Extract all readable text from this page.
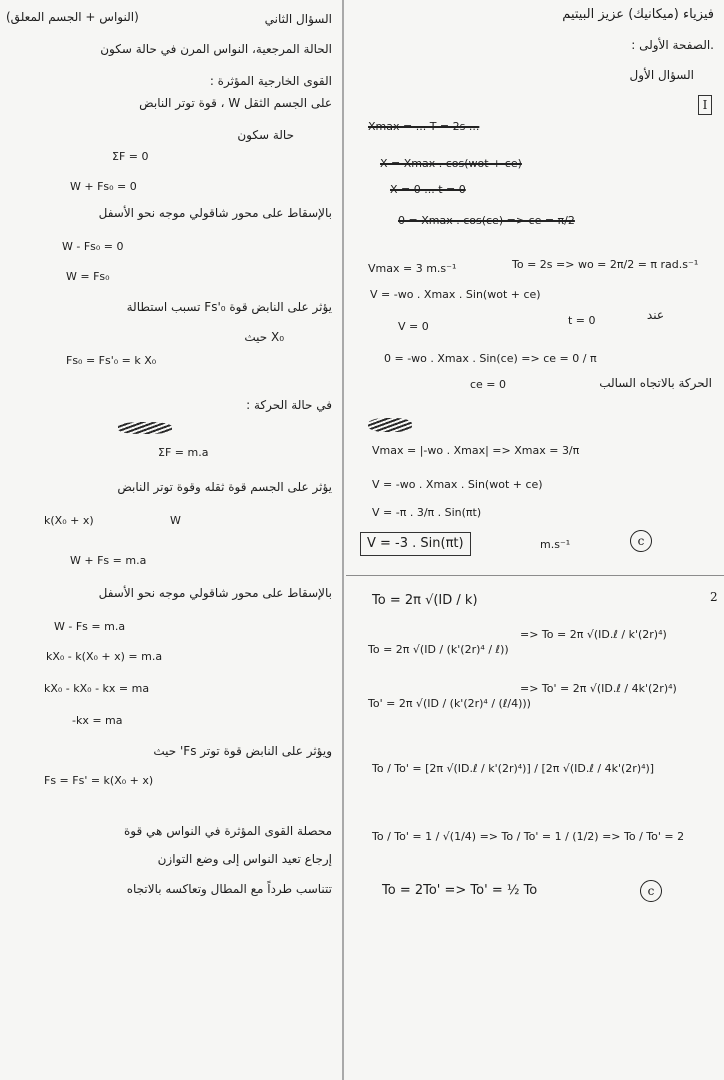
فيزياء (ميكانيك) عزيز البيتيم
.الصفحة الأولى :
السؤال الأول
I
Xmax = ... T = 2s ...
X = Xmax . cos(wot + ce)
X = 0 ... t = 0
0 = Xmax . cos(ce) => ce = π/2
Vmax = 3 m.s⁻¹	To = 2s => wo = 2π/2 = π rad.s⁻¹
V = -wo . Xmax . Sin(wot + ce)
عند
V = 0	t = 0
0 = -wo . Xmax . Sin(ce) => ce = 0 / π
ce = 0	الحركة بالاتجاه السالب
Vmax = |-wo . Xmax| => Xmax = 3/π
V = -wo . Xmax . Sin(wot + ce)
V = -π . 3/π . Sin(πt)
V = -3 . Sin(πt)	m.s⁻¹	c
2
To = 2π √(ID / k)
To = 2π √(ID / (k'(2r)⁴ / ℓ))
=> To = 2π √(ID.ℓ / k'(2r)⁴)
To' = 2π √(ID / (k'(2r)⁴ / (ℓ/4)))
=> To' = 2π √(ID.ℓ / 4k'(2r)⁴)
To / To' = [2π √(ID.ℓ / k'(2r)⁴)] / [2π √(ID.ℓ / 4k'(2r)⁴)]
To / To' = 1 / √(1/4) => To / To' = 1 / (1/2) => To / To' = 2
To = 2To' => To' = ½ To	c
السؤال الثاني
(النواس + الجسم المعلق)
الحالة المرجعية، النواس المرن في حالة سكون
القوى الخارجية المؤثرة :
على الجسم الثقل W ، قوة توتر النابض
حالة سكون
ΣF = 0
W + Fs₀ = 0
بالإسقاط على محور شاقولي موجه نحو الأسفل
W - Fs₀ = 0
W = Fs₀
يؤثر على النابض قوة Fs'₀ تسبب استطالة
X₀ حيث
Fs₀ = Fs'₀ = k X₀
في حالة الحركة :
ΣF = m.a
يؤثر على الجسم قوة ثقله وقوة توتر النابض
k(X₀ + x)	W
W + Fs = m.a
بالإسقاط على محور شاقولي موجه نحو الأسفل
W - Fs = m.a
kX₀ - k(X₀ + x) = m.a
kX₀ - kX₀ - kx = ma
-kx = ma
ويؤثر على النابض قوة توتر Fs' حيث
Fs = Fs' = k(X₀ + x)
محصلة القوى المؤثرة في النواس هي قوة
إرجاع تعيد النواس إلى وضع التوازن
تتناسب طرداً مع المطال وتعاكسه بالاتجاه
